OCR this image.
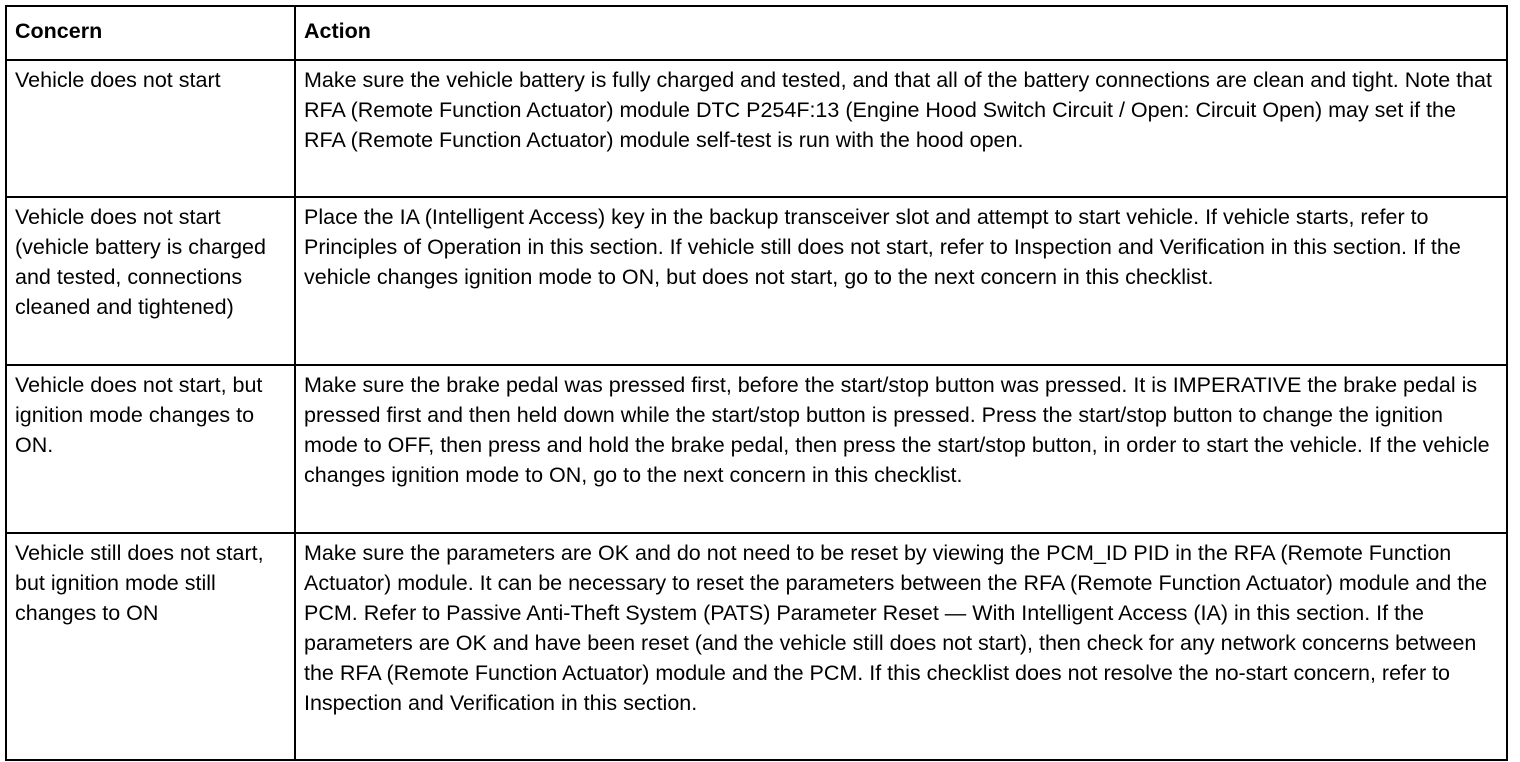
Concern	Action
Vehicle does not start	Make sure the vehicle battery is fully charged and tested, and that all of the battery connections are clean and tight. Note that RFA (Remote Function Actuator) module DTC P254F:13 (Engine Hood Switch Circuit / Open: Circuit Open) may set if the RFA (Remote Function Actuator) module self-test is run with the hood open.
Vehicle does not start (vehicle battery is charged and tested, connections cleaned and tightened)	Place the IA (Intelligent Access) key in the backup transceiver slot and attempt to start vehicle. If vehicle starts, refer to Principles of Operation in this section. If vehicle still does not start, refer to Inspection and Verification in this section. If the vehicle changes ignition mode to ON, but does not start, go to the next concern in this checklist.
Vehicle does not start, but ignition mode changes to ON.	Make sure the brake pedal was pressed first, before the start/stop button was pressed. It is IMPERATIVE the brake pedal is pressed first and then held down while the start/stop button is pressed. Press the start/stop button to change the ignition mode to OFF, then press and hold the brake pedal, then press the start/stop button, in order to start the vehicle. If the vehicle changes ignition mode to ON, go to the next concern in this checklist.
Vehicle still does not start, but ignition mode still changes to ON	Make sure the parameters are OK and do not need to be reset by viewing the PCM_ID PID in the RFA (Remote Function Actuator) module. It can be necessary to reset the parameters between the RFA (Remote Function Actuator) module and the PCM. Refer to Passive Anti-Theft System (PATS) Parameter Reset — With Intelligent Access (IA) in this section. If the parameters are OK and have been reset (and the vehicle still does not start), then check for any network concerns between the RFA (Remote Function Actuator) module and the PCM. If this checklist does not resolve the no-start concern, refer to Inspection and Verification in this section.
